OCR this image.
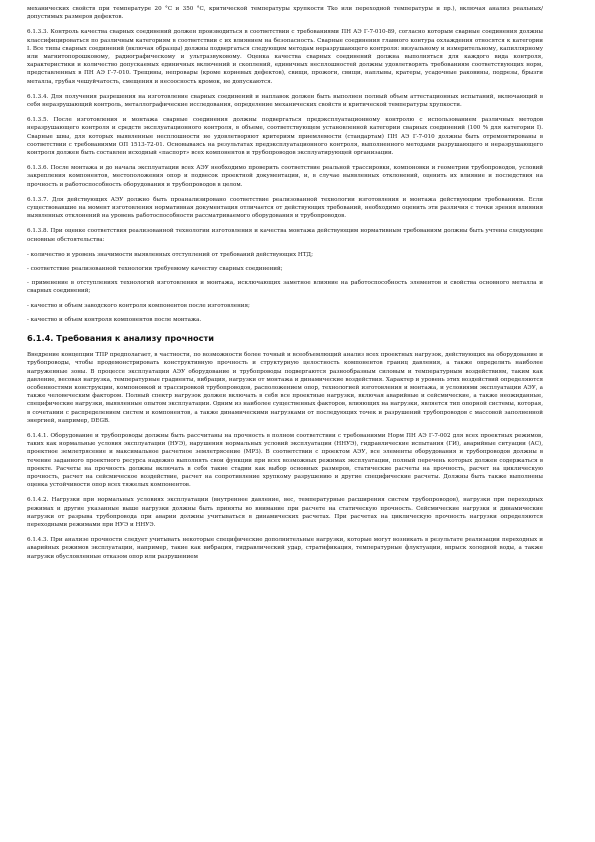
механических свойств при температуре 20 °С и 350 °С, критической температуры хрупкости Tko или переходной температуры и пр.), включая анализ реальных/допустимых размеров дефектов.

6.1.3.3. Контроль качества сварных соединений должен производиться в соответствии с требованиями ПН АЭ Г-7-010-89, согласно которым сварные соединения должны классифицироваться по различным категориям в соответствии с их влиянием на безопасность. Сварные соединения главного контура охлаждения относятся к категории I. Все типы сварных соединений (включая образцы) должны подвергаться следующим методам неразрушающего контроля: визуальному и измерительному, капиллярному или магнитопорошковому, радиографическому и ультразвуковому. Оценка качества сварных соединений должна выполняться для каждого вида контроля, характеристики и количество допускаемых единичных включений и скоплений, единичных несплошностей должны удовлетворять требованиям соответствующих норм, представленных в ПН АЭ Г-7-010. Трещины, непровары (кроме корневых дефектов), свищи, прожоги, свищи, наплывы, кратеры, усадочные раковины, подрезы, брызги металла, грубая чешуйчатость, смещения и несоосность кромок, не допускаются.

6.1.3.4. Для получения разрешения на изготовление сварных соединений и наплавок должен быть выполнен полный объем аттестационных испытаний, включающий в себя неразрушающий контроль, металлографические исследования, определение механических свойств и критической температуры хрупкости.

6.1.3.5. После изготовления и монтажа сварные соединения должны подвергаться предэксплуатационному контролю с использованием различных методов неразрушающего контроля и средств эксплуатационного контроля, в объеме, соответствующем установленной категории сварных соединений (100 % для категории I). Сварные швы, для которых выявленные несплошности не удовлетворяют критериям приемлемости (стандартам) ПН АЭ Г-7-010 должны быть отремонтированы в соответствии с требованиями ОП 1513-72-01. Основываясь на результатах предэксплуатационного контроля, выполненного методами разрушающего и неразрушающего контроля должен быть составлен исходный «паспорт» всех компонентов и трубопроводов эксплуатирующей организации.

6.1.3.6. После монтажа и до начала эксплуатации всех АЭУ необходимо проверить соответствие реальной трассировки, компоновки и геометрии трубопроводов, условий закрепления компонентов, местоположения опор и подвесок проектной документации, и, в случае выявленных отклонений, оценить их влияние и последствия на прочность и работоспособность оборудования и трубопроводов в целом.

6.1.3.7. Для действующих АЭУ должно быть проанализировано соответствие реализованной технологии изготовления и монтажа действующим требованиям. Если существовавшие на момент изготовления нормативная документация отличается от действующих требований, необходимо оценить эти различия с точки зрения влияния выявленных отклонений на уровень работоспособности рассматриваемого оборудования и трубопроводов.

6.1.3.8. При оценке соответствия реализованной технологии изготовления и качества монтажа действующим нормативным требованиям должны быть учтены следующие основные обстоятельства:

- количество и уровень значимости выявленных отступлений от требований действующих НТД;

- соответствие реализованной технологии требуемому качеству сварных соединений;

- применение в отступлениях технологий изготовления и монтажа, исключающих заметное влияние на работоспособность элементов и свойства основного металла и сварных соединений;

- качество и объем заводского контроля компонентов после изготовления;

- качество и объем контроля компонентов после монтажа.

6.1.4. Требования к анализу прочности

Внедрение концепции ТПР предполагает, в частности, по возможности более точный и всеобъемлющий анализ всех проектных нагрузок, действующих на оборудование и трубопроводы, чтобы продемонстрировать конструктивную прочность и структурную целостность компонентов границ давления, а также определить наиболее нагруженные зоны. В процессе эксплуатации АЭУ оборудование и трубопроводы подвергаются разнообразным силовым и температурным воздействиям, таким как давление, весовая нагрузка, температурные градиенты, вибрация, нагрузки от монтажа и динамические воздействия. Характер и уровень этих воздействий определяются особенностями конструкции, компоновкой и трассировкой трубопроводов, расположением опор, технологией изготовления и монтажа, и условиями эксплуатации АЭУ, а также человеческим фактором. Полный спектр нагрузок должен включать в себя все проектные нагрузки, включая аварийные и сейсмические, а также неожиданные, специфические нагрузки, выявленные опытом эксплуатации. Одним из наиболее существенных факторов, влияющих на нагрузки, является тип опорной системы, которая, в сочетании с распределением систем и компонентов, а также динамическими нагрузками от последующих точек и разрушений трубопроводов с массовой заполненной энергией, например, DEGB.

6.1.4.1. Оборудование и трубопроводы должны быть рассчитаны на прочность в полном соответствии с требованиями Норм ПН АЭ Г-7-002 для всех проектных режимов, таких как нормальные условия эксплуатации (НУЭ), нарушения нормальных условий эксплуатации (ННУЭ), гидравлические испытания (ГИ), аварийные ситуации (АС), проектное землетрясение и максимальное расчетное землетрясение (МРЗ). В соответствии с проектом АЭУ, все элементы оборудования и трубопроводов должны в течение заданного проектного ресурса надежно выполнять свои функции при всех возможных режимах эксплуатации, полный перечень которых должен содержаться в проекте. Расчеты на прочность должны включать в себя такие стадии как выбор основных размеров, статические расчеты на прочность, расчет на циклическую прочность, расчет на сейсмическое воздействие, расчет на сопротивление хрупкому разрушению и другие специфические расчеты. Должны быть также выполнены оценка устойчивости опор всех тяжелых компонентов.

6.1.4.2. Нагрузки при нормальных условиях эксплуатации (внутреннее давление, вес, температурные расширения систем трубопроводов), нагрузки при переходных режимах и другие указанные выше нагрузки должны быть приняты во внимание при расчете на статическую прочность. Сейсмические нагрузки и динамические нагрузки от разрыва трубопровода при аварии должны учитываться в динамических расчетах. При расчетах на циклическую прочность нагрузки определяются переходными режимами при НУЭ и ННУЭ.

6.1.4.3. При анализе прочности следует учитывать некоторые специфические дополнительные нагрузки, которые могут возникать в результате реализации переходных и аварийных режимов эксплуатации, например, такие как вибрация, гидравлический удар, стратификация, температурные флуктуации, впрыск холодной воды, а также нагрузки обусловленные отказом опор или разрушением
